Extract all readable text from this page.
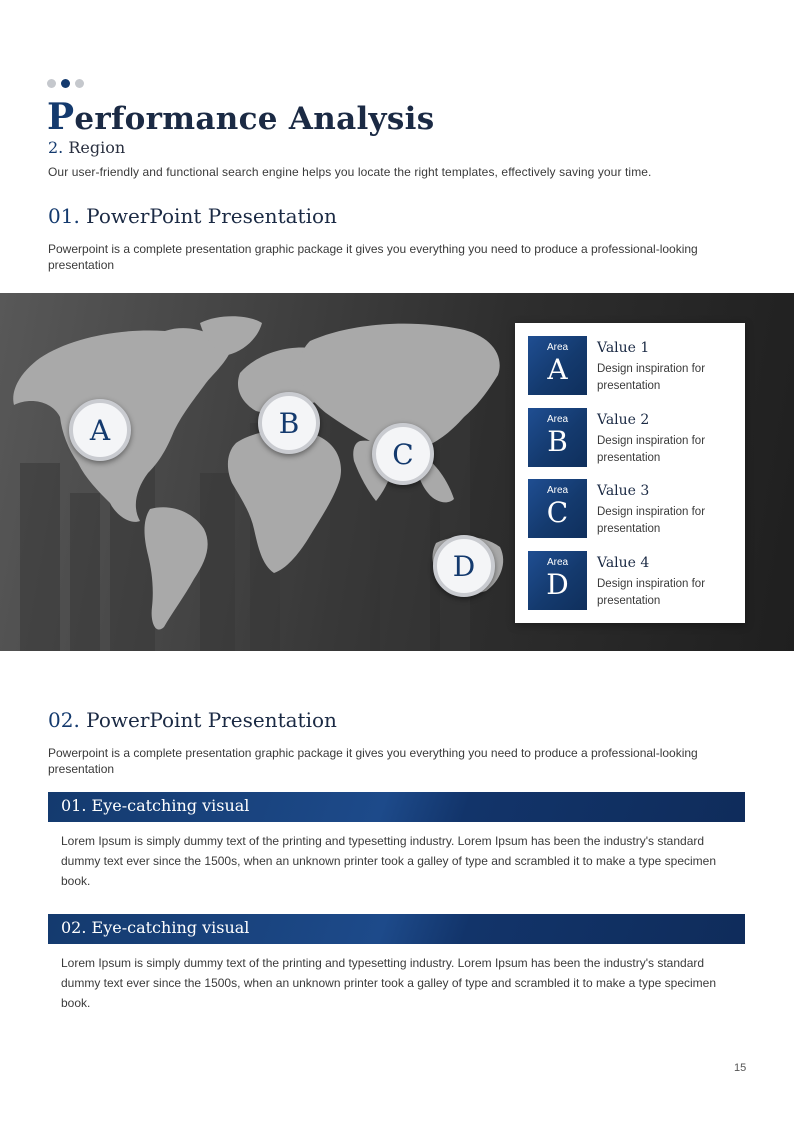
Performance Analysis
2. Region

Our user-friendly and functional search engine helps you locate the right templates, effectively saving your time.

01. PowerPoint Presentation

Powerpoint is a complete presentation graphic package it gives you everything you need to produce a professional-looking presentation

A	B
C
D
Area
A
Value 1
Design inspiration for presentation
Area
B
Value 2
Design inspiration for presentation
Area
C
Value 3
Design inspiration for presentation
Area
D
Value 4
Design inspiration for presentation
02. PowerPoint Presentation

Powerpoint is a complete presentation graphic package it gives you everything you need to produce a professional-looking presentation

01. Eye-catching visual

Lorem Ipsum is simply dummy text of the printing and typesetting industry. Lorem Ipsum has been the industry's standard dummy text ever since the 1500s, when an unknown printer took a galley of type and scrambled it to make a type specimen book.

02. Eye-catching visual

Lorem Ipsum is simply dummy text of the printing and typesetting industry. Lorem Ipsum has been the industry's standard dummy text ever since the 1500s, when an unknown printer took a galley of type and scrambled it to make a type specimen book.

15
